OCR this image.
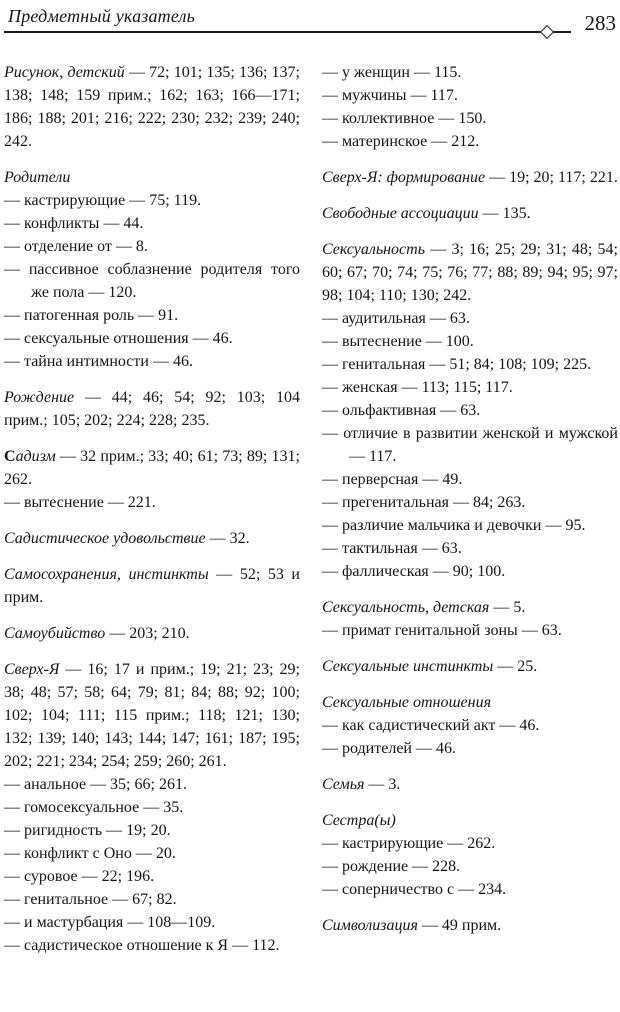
Предметный указатель	283

Рисунок, детский — 72; 101; 135; 136; 137; 138; 148; 159 прим.; 162; 163; 166—171; 186; 188; 201; 216; 222; 230; 232; 239; 240; 242.

Родители

— кастрирующие — 75; 119.

— конфликты — 44.

— отделение от — 8.

— пассивное соблазнение родителя того же пола — 120.

— патогенная роль — 91.

— сексуальные отношения — 46.

— тайна интимности — 46.

Рождение — 44; 46; 54; 92; 103; 104 прим.; 105; 202; 224; 228; 235.

Садизм — 32 прим.; 33; 40; 61; 73; 89; 131; 262.

— вытеснение — 221.

Садистическое удовольствие — 32.

Самосохранения, инстинкты — 52; 53 и прим.

Самоубийство — 203; 210.

Сверх-Я — 16; 17 и прим.; 19; 21; 23; 29; 38; 48; 57; 58; 64; 79; 81; 84; 88; 92; 100; 102; 104; 111; 115 прим.; 118; 121; 130; 132; 139; 140; 143; 144; 147; 161; 187; 195; 202; 221; 234; 254; 259; 260; 261.

— анальное — 35; 66; 261.

— гомосексуальное — 35.

— ригидность — 19; 20.

— конфликт с Оно — 20.

— суровое — 22; 196.

— генитальное — 67; 82.

— и мастурбация — 108—109.

— садистическое отношение к Я — 112.

— у женщин — 115.

— мужчины — 117.

— коллективное — 150.

— материнское — 212.

Сверх-Я: формирование — 19; 20; 117; 221.

Свободные ассоциации — 135.

Сексуальность — 3; 16; 25; 29; 31; 48; 54; 60; 67; 70; 74; 75; 76; 77; 88; 89; 94; 95; 97; 98; 104; 110; 130; 242.

— аудитильная — 63.

— вытеснение — 100.

— генитальная — 51; 84; 108; 109; 225.

— женская — 113; 115; 117.

— ольфактивная — 63.

— отличие в развитии женской и мужской — 117.

— перверсная — 49.

— прегенитальная — 84; 263.

— различие мальчика и девочки — 95.

— тактильная — 63.

— фаллическая — 90; 100.

Сексуальность, детская — 5.

— примат генитальной зоны — 63.

Сексуальные инстинкты — 25.

Сексуальные отношения

— как садистический акт — 46.

— родителей — 46.

Семья — 3.

Сестра(ы)

— кастрирующие — 262.

— рождение — 228.

— соперничество с — 234.

Символизация — 49 прим.
